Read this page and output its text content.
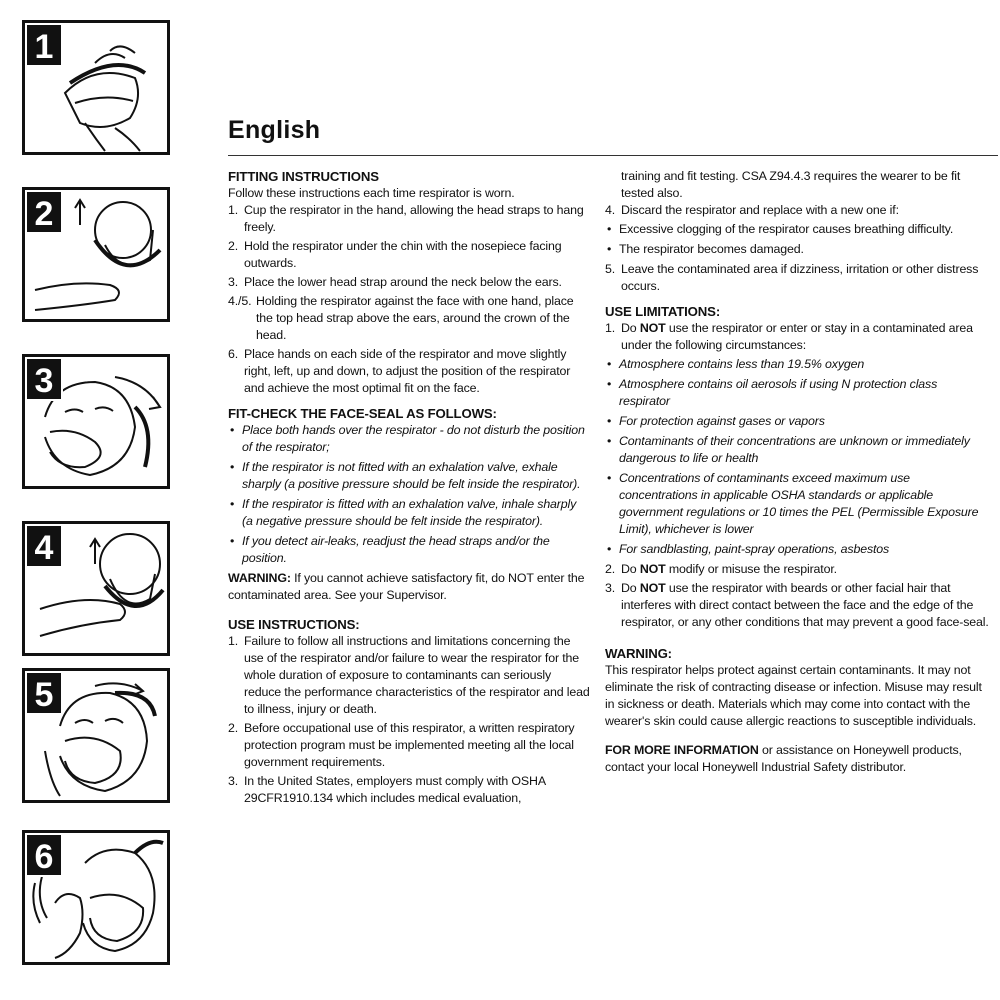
1
2
3
4
5
6
English

FITTING INSTRUCTIONS

Follow these instructions each time respirator is worn.

1. Cup the respirator in the hand, allowing the head straps to hang freely.
2. Hold the respirator under the chin with the nosepiece facing outwards.
3. Place the lower head strap around the neck below the ears.
4./5. Holding the respirator against the face with one hand, place the top head strap above the ears, around the crown of the head.
6. Place hands on each side of the respirator and move slightly right, left, up and down, to adjust the position of the respirator and achieve the most optimal fit on the face.

FIT-CHECK THE FACE-SEAL AS FOLLOWS:

• Place both hands over the respirator - do not disturb the position of the respirator;
• If the respirator is not fitted with an exhalation valve, exhale sharply (a positive pressure should be felt inside the respirator).
• If the respirator is fitted with an exhalation valve, inhale sharply (a negative pressure should be felt inside the respirator).
• If you detect air-leaks, readjust the head straps and/or the position.

WARNING: If you cannot achieve satisfactory fit, do NOT enter the contaminated area. See your Supervisor.

USE INSTRUCTIONS:

1. Failure to follow all instructions and limitations concerning the use of the respirator and/or failure to wear the respirator for the whole duration of exposure to contaminants can seriously reduce the performance characteristics of the respirator and lead to illness, injury or death.
2. Before occupational use of this respirator, a written respiratory protection program must be implemented meeting all the local government requirements.
3. In the United States, employers must comply with OSHA 29CFR1910.134 which includes medical evaluation,

training and fit testing. CSA Z94.4.3 requires the wearer to be fit tested also.

4. Discard the respirator and replace with a new one if:
• Excessive clogging of the respirator causes breathing difficulty.
• The respirator becomes damaged.
5. Leave the contaminated area if dizziness, irritation or other distress occurs.

USE LIMITATIONS:

1. Do NOT use the respirator or enter or stay in a contaminated area under the following circumstances:
• Atmosphere contains less than 19.5% oxygen
• Atmosphere contains oil aerosols if using N protection class respirator
• For protection against gases or vapors
• Contaminants of their concentrations are unknown or immediately dangerous to life or health
• Concentrations of contaminants exceed maximum use concentrations in applicable OSHA standards or applicable government regulations or 10 times the PEL (Permissible Exposure Limit), whichever is lower
• For sandblasting, paint-spray operations, asbestos
2. Do NOT modify or misuse the respirator.
3. Do NOT use the respirator with beards or other facial hair that interferes with direct contact between the face and the edge of the respirator, or any other conditions that may prevent a good face-seal.

WARNING:

This respirator helps protect against certain contaminants. It may not eliminate the risk of contracting disease or infection. Misuse may result in sickness or death. Materials which may come into contact with the wearer's skin could cause allergic reactions to susceptible individuals.

FOR MORE INFORMATION or assistance on Honeywell products, contact your local Honeywell Industrial Safety distributor.
